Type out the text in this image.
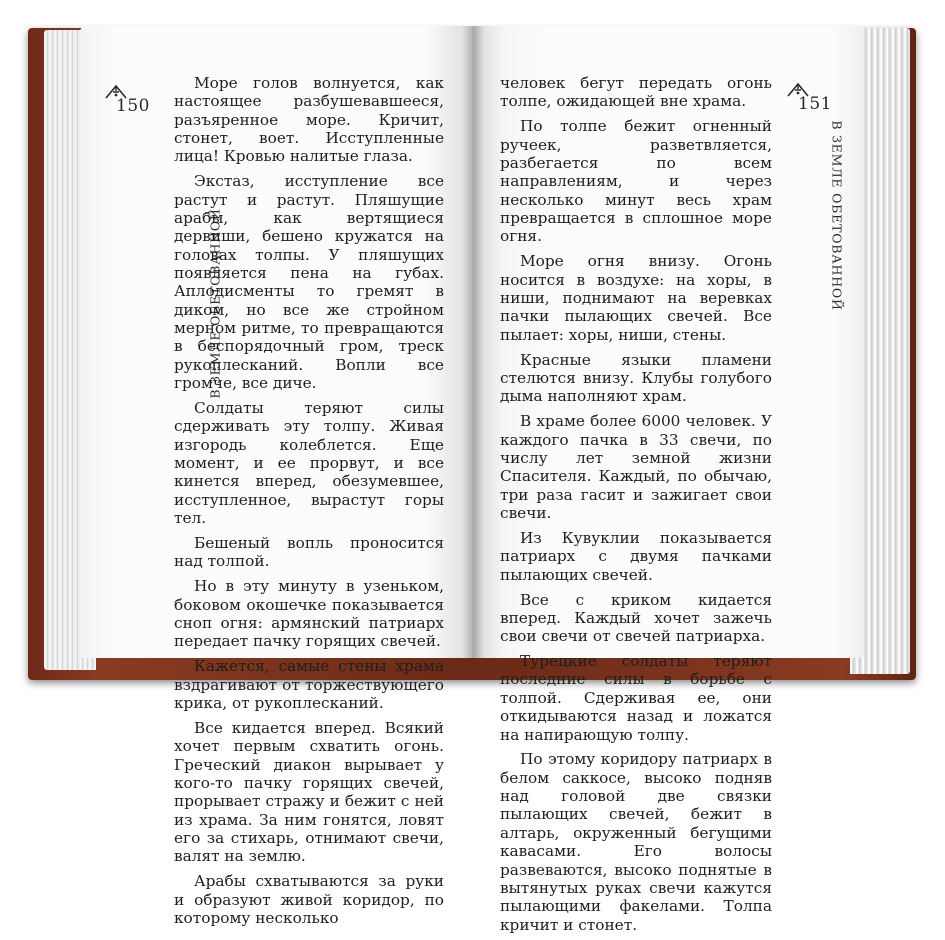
150
В ЗЕМЛЕ ОБЕТОВАННОЙ

Море голов волнуется, как настоящее разбушевавшееся, разъяренное море. Кричит, стонет, воет. Исступленные лица! Кровью налитые глаза.

Экстаз, исступление все растут и растут. Пляшущие арабы, как вертящиеся дервиши, бешено кружатся на головах толпы. У пляшущих появляется пена на губах. Аплодисменты то гремят в диком, но все же стройном мерном ритме, то превращаются в беспорядочный гром, треск рукоплесканий. Вопли все громче, все диче.

Солдаты теряют силы сдерживать эту толпу. Живая изгородь колеблется. Еще момент, и ее прорвут, и все кинется вперед, обезумевшее, исступленное, вырастут горы тел.

Бешеный вопль проносится над толпой.

Но в эту минуту в узеньком, боковом окошечке показывается сноп огня: армянский патриарх передает пачку горящих свечей.

Кажется, самые стены храма вздрагивают от торжествующего крика, от рукоплесканий.

Все кидается вперед. Всякий хочет первым схватить огонь. Греческий диакон вырывает у кого-то пачку горящих свечей, прорывает стражу и бежит с ней из храма. За ним гонятся, ловят его за стихарь, отнимают свечи, валят на землю.

Арабы схватываются за руки и образуют живой коридор, по которому несколько

151
В ЗЕМЛЕ ОБЕТОВАННОЙ

человек бегут передать огонь толпе, ожидающей вне храма.

По толпе бежит огненный ручеек, разветвляется, разбегается по всем направлениям, и через несколько минут весь храм превращается в сплошное море огня.

Море огня внизу. Огонь носится в воздухе: на хоры, в ниши, поднимают на веревках пачки пылающих свечей. Все пылает: хоры, ниши, стены.

Красные языки пламени стелются внизу. Клубы голубого дыма наполняют храм.

В храме более 6000 человек. У каждого пачка в 33 свечи, по числу лет земной жизни Спасителя. Каждый, по обычаю, три раза гасит и зажигает свои свечи.

Из Кувуклии показывается патриарх с двумя пачками пылающих свечей.

Все с криком кидается вперед. Каждый хочет зажечь свои свечи от свечей патриарха.

Турецкие солдаты теряют последние силы в борьбе с толпой. Сдерживая ее, они откидываются назад и ложатся на напирающую толпу.

По этому коридору патриарх в белом саккосе, высоко подняв над головой две связки пылающих свечей, бежит в алтарь, окруженный бегущими кавасами. Его волосы развеваются, высоко поднятые в вытянутых руках свечи кажутся пылающими факелами. Толпа кричит и стонет.
